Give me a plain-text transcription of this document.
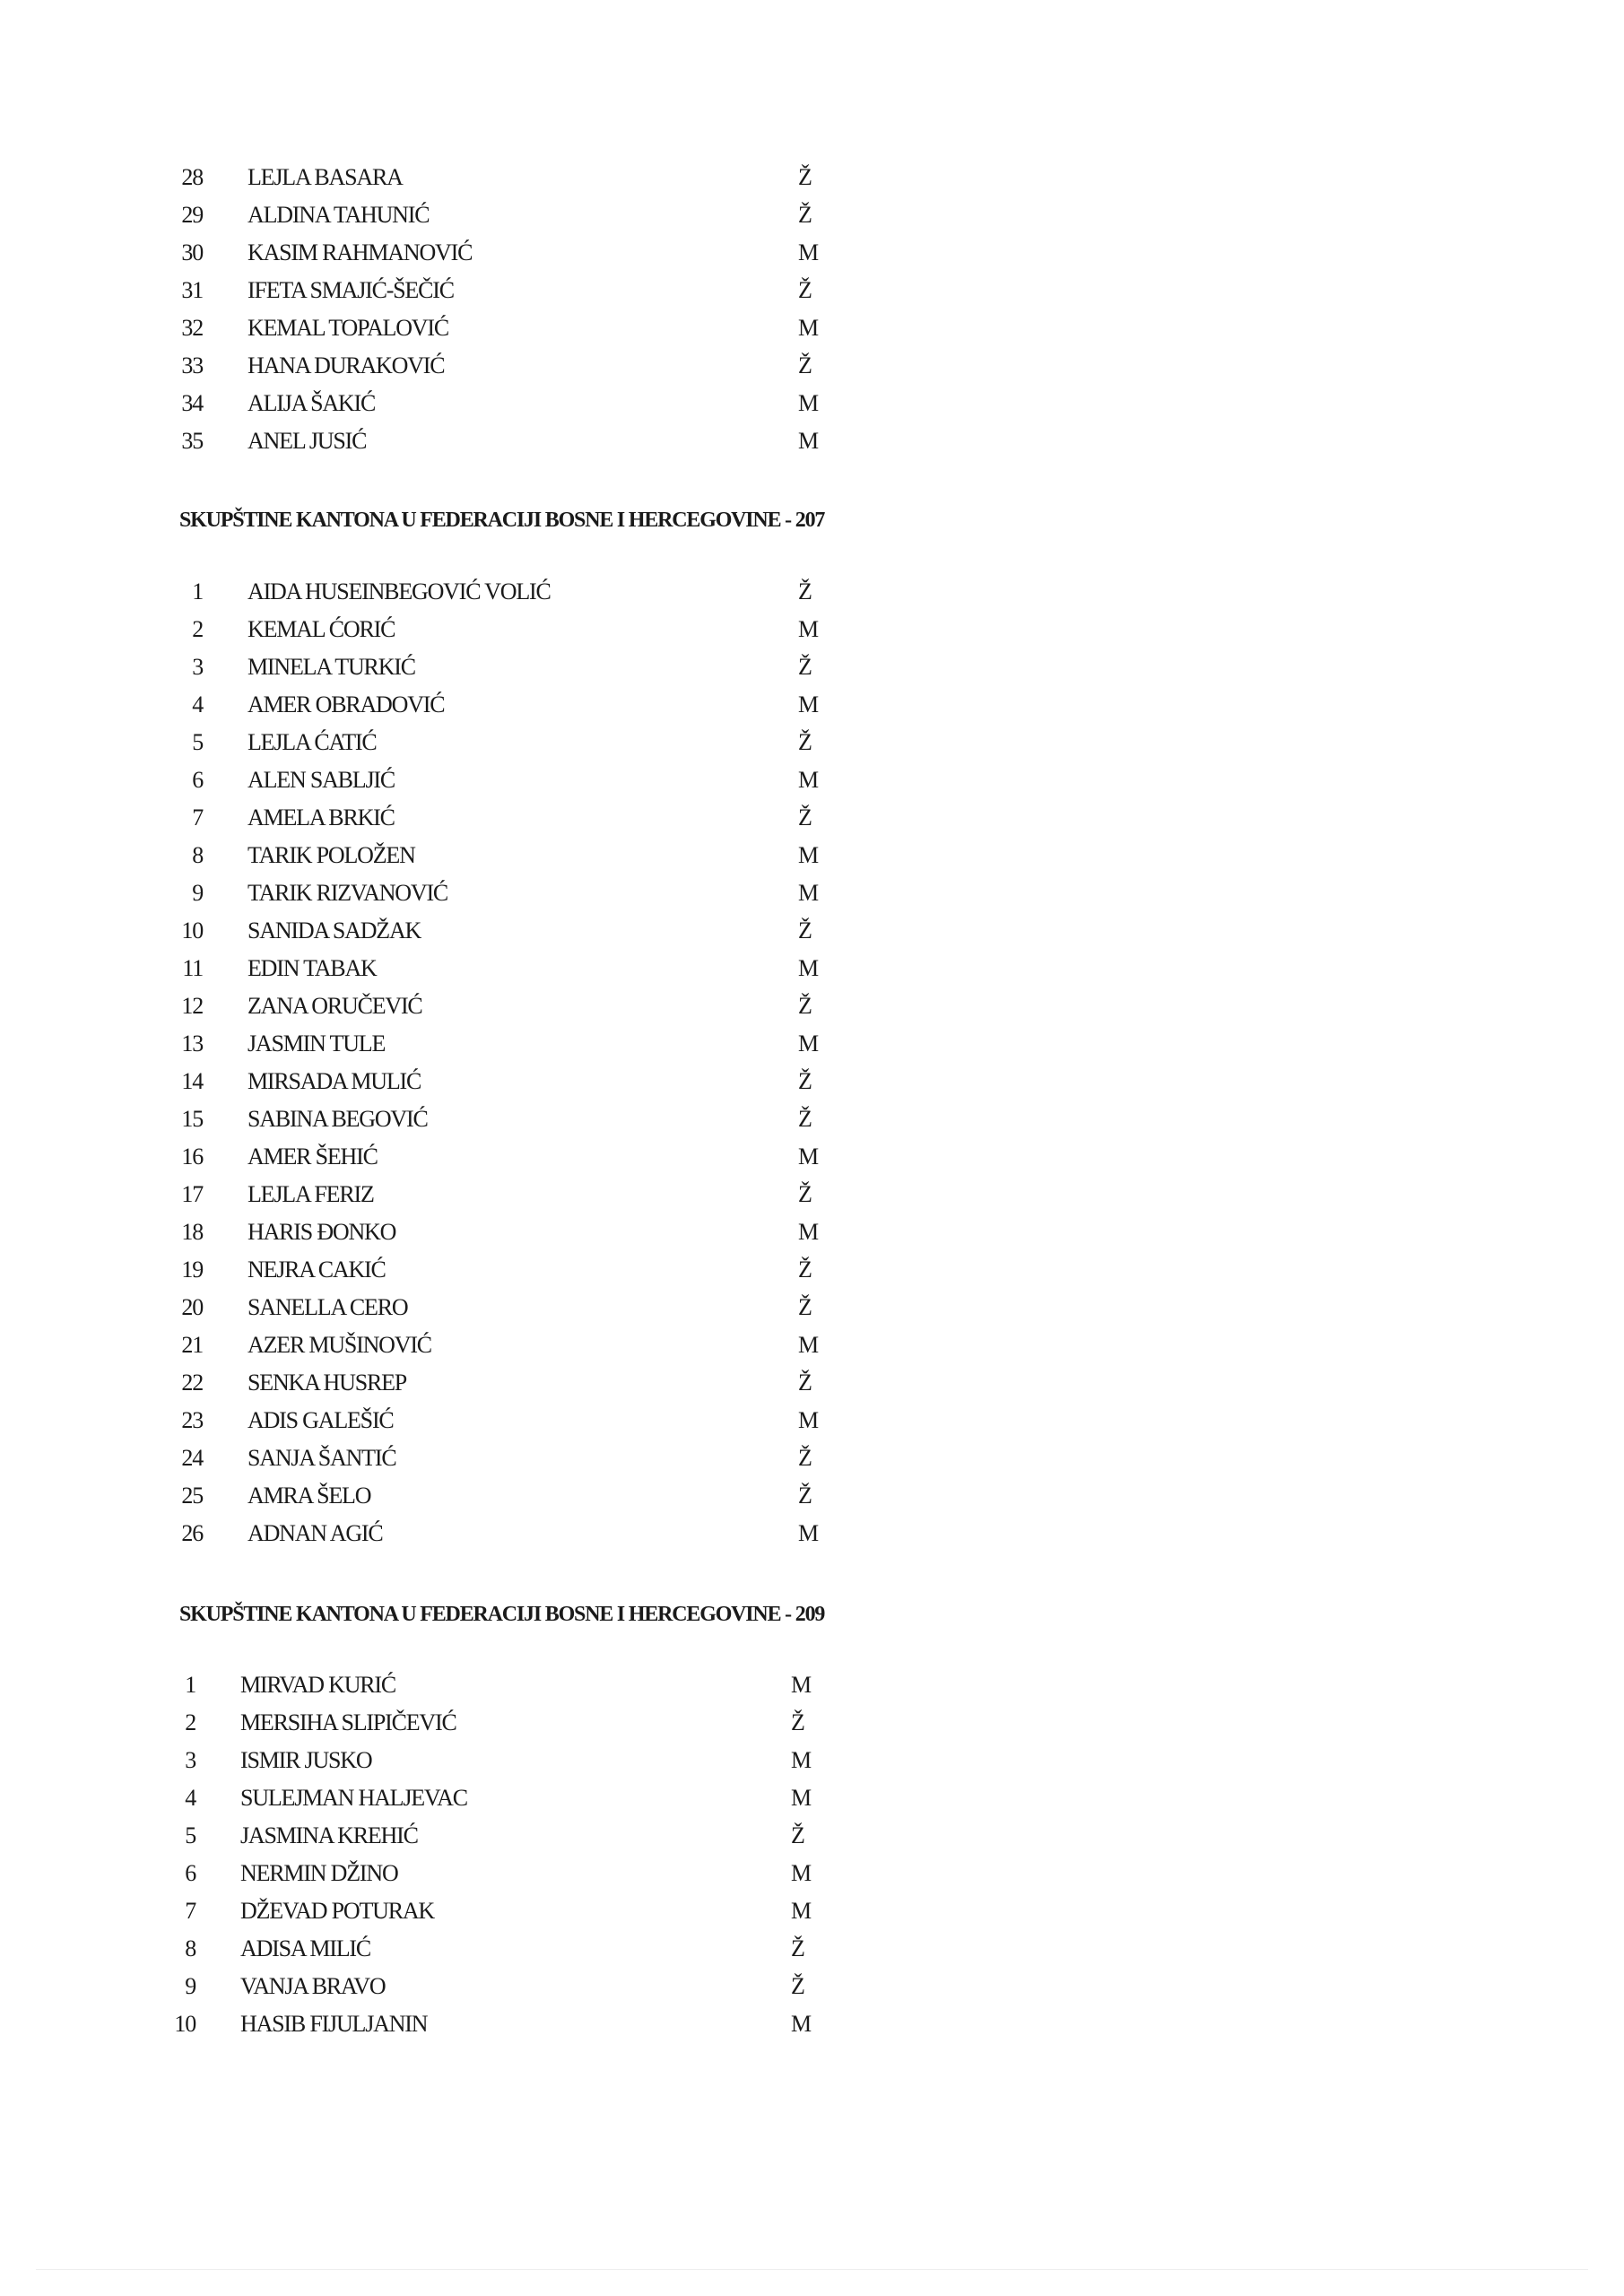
28 LEJLA BASARA	Ž
29 ALDINA TAHUNIĆ	Ž
30 KASIM RAHMANOVIĆ	M
31 IFETA SMAJIĆ-ŠEČIĆ	Ž
32 KEMAL TOPALOVIĆ	M
33 HANA DURAKOVIĆ	Ž
34 ALIJA ŠAKIĆ	M
35 ANEL JUSIĆ	M
SKUPŠTINE KANTONA U FEDERACIJI BOSNE I HERCEGOVINE - 207
1 AIDA HUSEINBEGOVIĆ VOLIĆ	Ž
2 KEMAL ĆORIĆ	M
3 MINELA TURKIĆ	Ž
4 AMER OBRADOVIĆ	M
5 LEJLA ĆATIĆ	Ž
6 ALEN SABLJIĆ	M
7 AMELA BRKIĆ	Ž
8 TARIK POLOŽEN	M
9 TARIK RIZVANOVIĆ	M
10 SANIDA SADŽAK	Ž
11 EDIN TABAK	M
12 ZANA ORUČEVIĆ	Ž
13 JASMIN TULE	M
14 MIRSADA MULIĆ	Ž
15 SABINA BEGOVIĆ	Ž
16 AMER ŠEHIĆ	M
17 LEJLA FERIZ	Ž
18 HARIS ĐONKO	M
19 NEJRA CAKIĆ	Ž
20 SANELLA CERO	Ž
21 AZER MUŠINOVIĆ	M
22 SENKA HUSREP	Ž
23 ADIS GALEŠIĆ	M
24 SANJA ŠANTIĆ	Ž
25 AMRA ŠELO	Ž
26 ADNAN AGIĆ	M
SKUPŠTINE KANTONA U FEDERACIJI BOSNE I HERCEGOVINE - 209
1 MIRVAD KURIĆ	M
2 MERSIHA SLIPIČEVIĆ	Ž
3 ISMIR JUSKO	M
4 SULEJMAN HALJEVAC	M
5 JASMINA KREHIĆ	Ž
6 NERMIN DŽINO	M
7 DŽEVAD POTURAK	M
8 ADISA MILIĆ	Ž
9 VANJA BRAVO	Ž
10 HASIB FIJULJANIN	M
